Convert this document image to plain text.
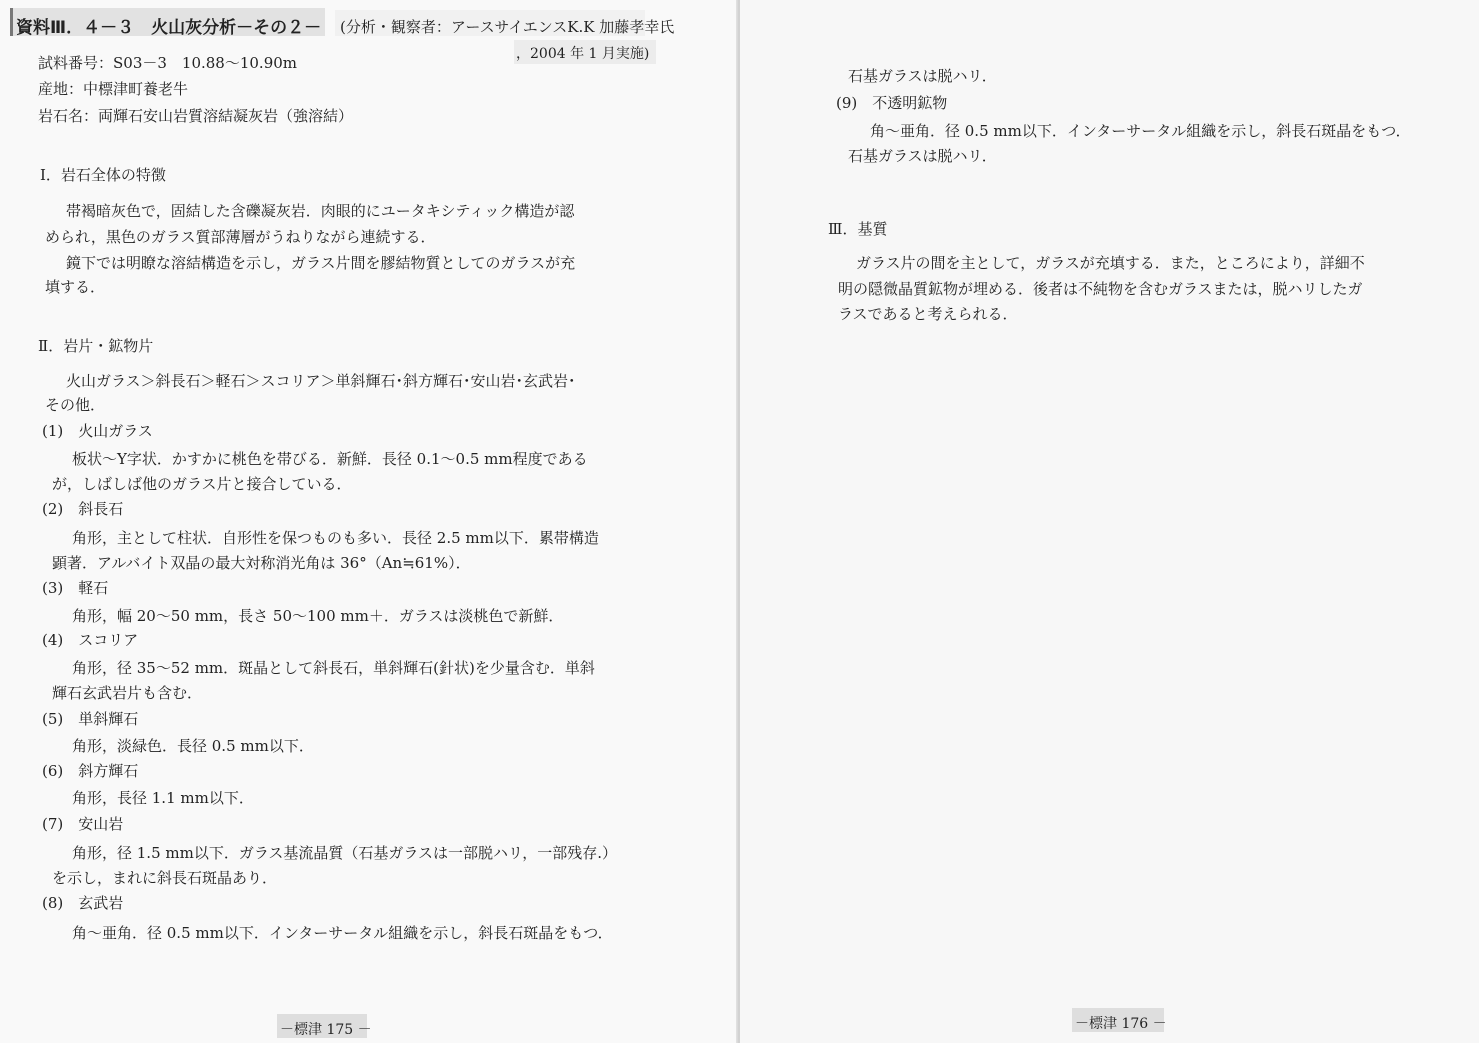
資料Ⅲ．４－３　火山灰分析－その２－ (分析・観察者：アースサイエンスK.K 加藤孝幸氏
，2004 年 1 月実施)
試料番号：S03－3　10.88～10.90m
産地：中標津町養老牛
岩石名：両輝石安山岩質溶結凝灰岩（強溶結）
Ⅰ．岩石全体の特徴
帯褐暗灰色で，固結した含礫凝灰岩．肉眼的にユータキシティック構造が認
められ，黒色のガラス質部薄層がうねりながら連続する．
鏡下では明瞭な溶結構造を示し，ガラス片間を膠結物質としてのガラスが充
填する．
Ⅱ．岩片・鉱物片
火山ガラス＞斜長石＞軽石＞スコリア＞単斜輝石･斜方輝石･安山岩･玄武岩･
その他．
(1)　火山ガラス
板状～Y字状．かすかに桃色を帯びる．新鮮．長径 0.1～0.5 mm程度である
が，しばしば他のガラス片と接合している．
(2)　斜長石
角形，主として柱状．自形性を保つものも多い．長径 2.5 mm以下．累帯構造
顕著．アルバイト双晶の最大対称消光角は 36°（An≒61%）．
(3)　軽石
角形，幅 20～50 mm，長さ 50～100 mm＋．ガラスは淡桃色で新鮮．
(4)　スコリア
角形，径 35～52 mm．斑晶として斜長石，単斜輝石(針状)を少量含む．単斜
輝石玄武岩片も含む．
(5)　単斜輝石
角形，淡緑色．長径 0.5 mm以下．
(6)　斜方輝石
角形，長径 1.1 mm以下．
(7)　安山岩
角形，径 1.5 mm以下．ガラス基流晶質（石基ガラスは一部脱ハリ，一部残存.）
を示し，まれに斜長石斑晶あり．
(8)　玄武岩
角～亜角．径 0.5 mm以下．インターサータル組織を示し，斜長石斑晶をもつ．
－標津 175 －
石基ガラスは脱ハリ．
(9)　不透明鉱物
角～亜角．径 0.5 mm以下．インターサータル組織を示し，斜長石斑晶をもつ．
石基ガラスは脱ハリ．
Ⅲ．基質
ガラス片の間を主として，ガラスが充填する．また，ところにより，詳細不
明の隠微晶質鉱物が埋める．後者は不純物を含むガラスまたは，脱ハリしたガ
ラスであると考えられる．
－標津 176 －
